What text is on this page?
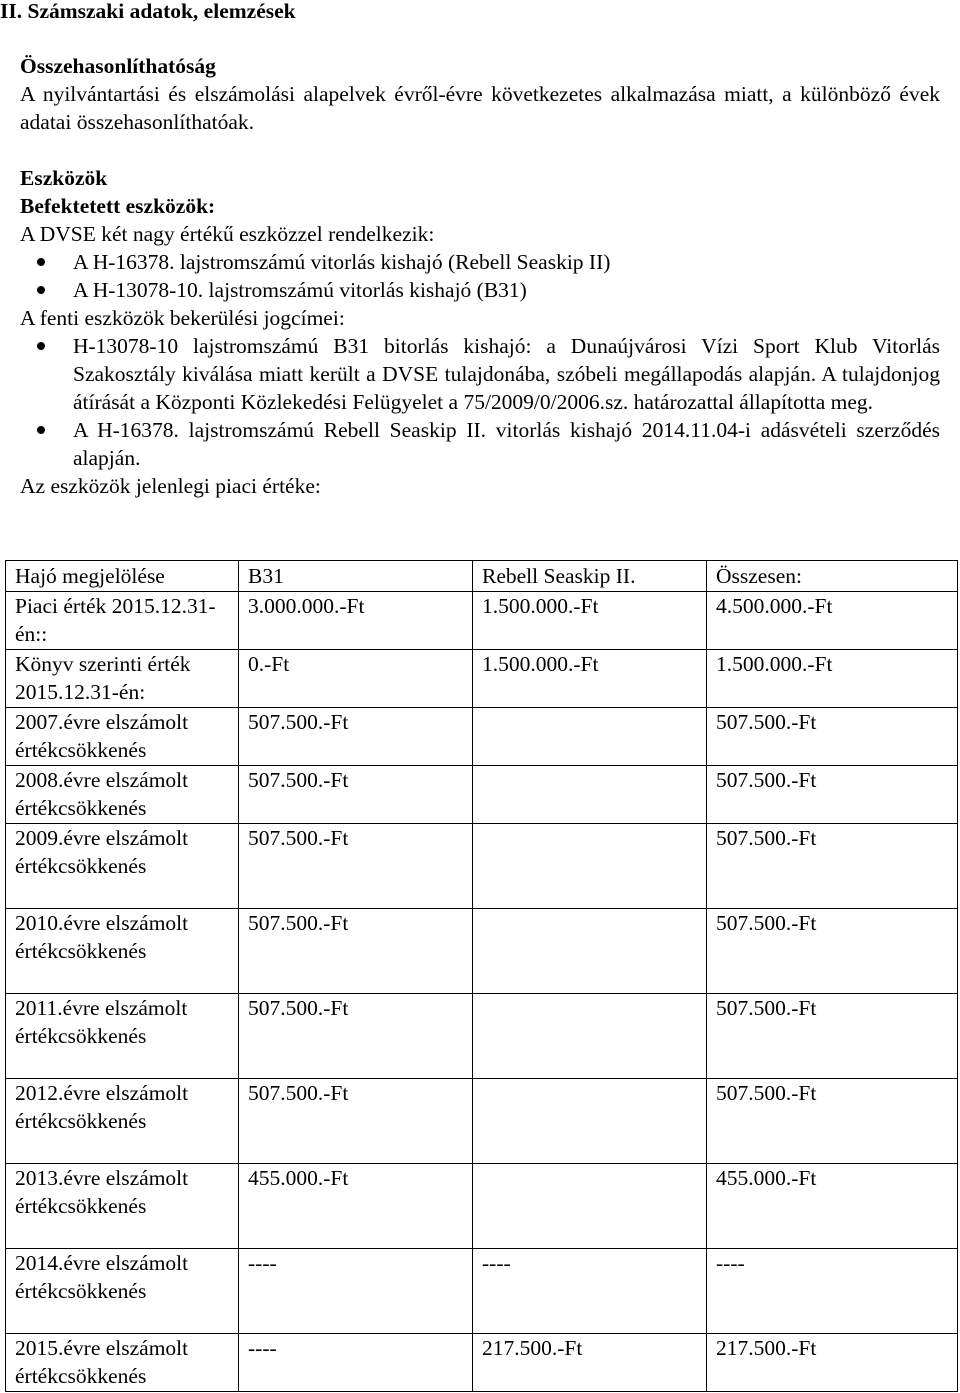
II. Számszaki adatok, elemzések

Összehasonlíthatóság

A nyilvántartási és elszámolási alapelvek évről-évre következetes alkalmazása miatt, a különböző évek adatai összehasonlíthatóak.

Eszközök

Befektetett eszközök:

A DVSE két nagy értékű eszközzel rendelkezik:

A H-16378. lajstromszámú vitorlás kishajó (Rebell Seaskip II)
A H-13078-10. lajstromszámú vitorlás kishajó (B31)

A fenti eszközök bekerülési jogcímei:

H-13078-10 lajstromszámú B31 bitorlás kishajó: a Dunaújvárosi Vízi Sport Klub Vitorlás Szakosztály kiválása miatt került a DVSE tulajdonába, szóbeli megállapodás alapján. A tulajdonjog átírását a Központi Közlekedési Felügyelet a 75/2009/0/2006.sz. határozattal állapította meg.
A H-16378. lajstromszámú Rebell Seaskip II. vitorlás kishajó 2014.11.04-i adásvételi szerződés alapján.

Az eszközök jelenlegi piaci értéke:

Hajó megjelölése	B31	Rebell Seaskip II.	Összesen:
Piaci érték 2015.12.31-én::	3.000.000.-Ft	1.500.000.-Ft	4.500.000.-Ft
Könyv szerinti érték 2015.12.31-én:	0.-Ft	1.500.000.-Ft	1.500.000.-Ft
2007.évre elszámolt értékcsökkenés	507.500.-Ft		507.500.-Ft
2008.évre elszámolt értékcsökkenés	507.500.-Ft		507.500.-Ft
2009.évre elszámolt értékcsökkenés	507.500.-Ft		507.500.-Ft
2010.évre elszámolt értékcsökkenés	507.500.-Ft		507.500.-Ft
2011.évre elszámolt értékcsökkenés	507.500.-Ft		507.500.-Ft
2012.évre elszámolt értékcsökkenés	507.500.-Ft		507.500.-Ft
2013.évre elszámolt értékcsökkenés	455.000.-Ft		455.000.-Ft
2014.évre elszámolt értékcsökkenés	----	----	----
2015.évre elszámolt értékcsökkenés	----	217.500.-Ft	217.500.-Ft
